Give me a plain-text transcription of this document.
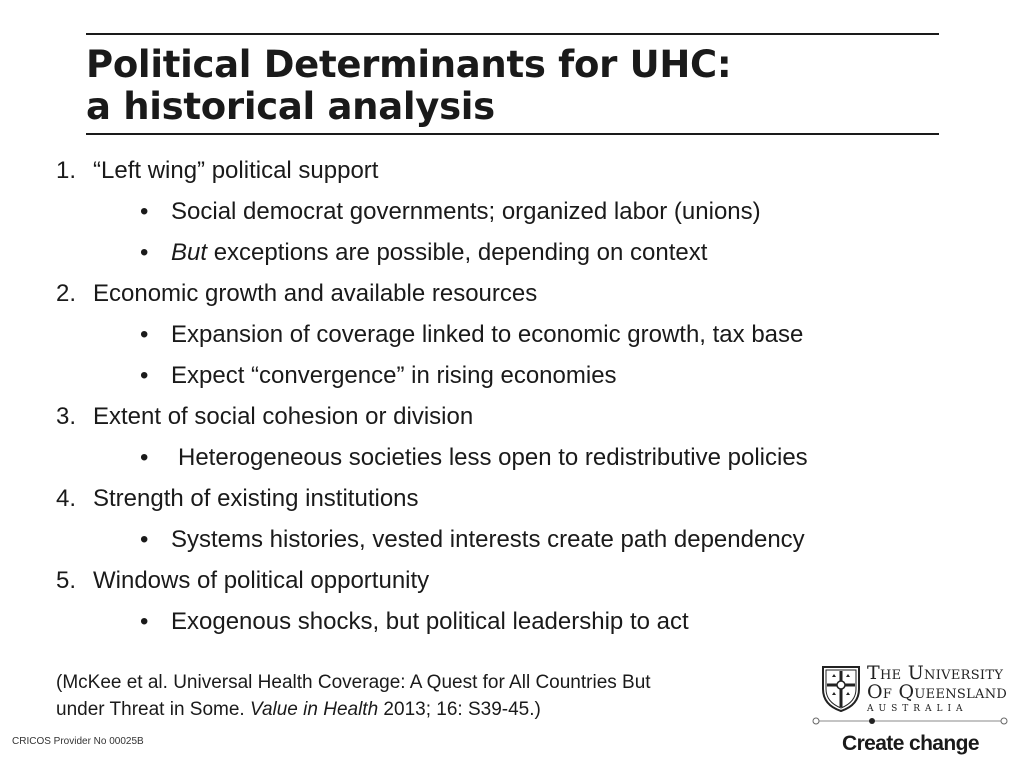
Political Determinants for UHC:
a historical analysis
1. “Left wing” political support
• Social democrat governments; organized labor (unions)
• But exceptions are possible, depending on context
2. Economic growth and available resources
• Expansion of coverage linked to economic growth, tax base
• Expect “convergence” in rising economies
3. Extent of social cohesion or division
• Heterogeneous societies less open to redistributive policies
4. Strength of existing institutions
• Systems histories, vested interests create path dependency
5. Windows of political opportunity
• Exogenous shocks, but political leadership to act
(McKee et al. Universal Health Coverage: A Quest for All Countries But
under Threat in Some. Value in Health 2013; 16: S39-45.)
CRICOS Provider No 00025B
The University
Of Queensland
AUSTRALIA
Create change
